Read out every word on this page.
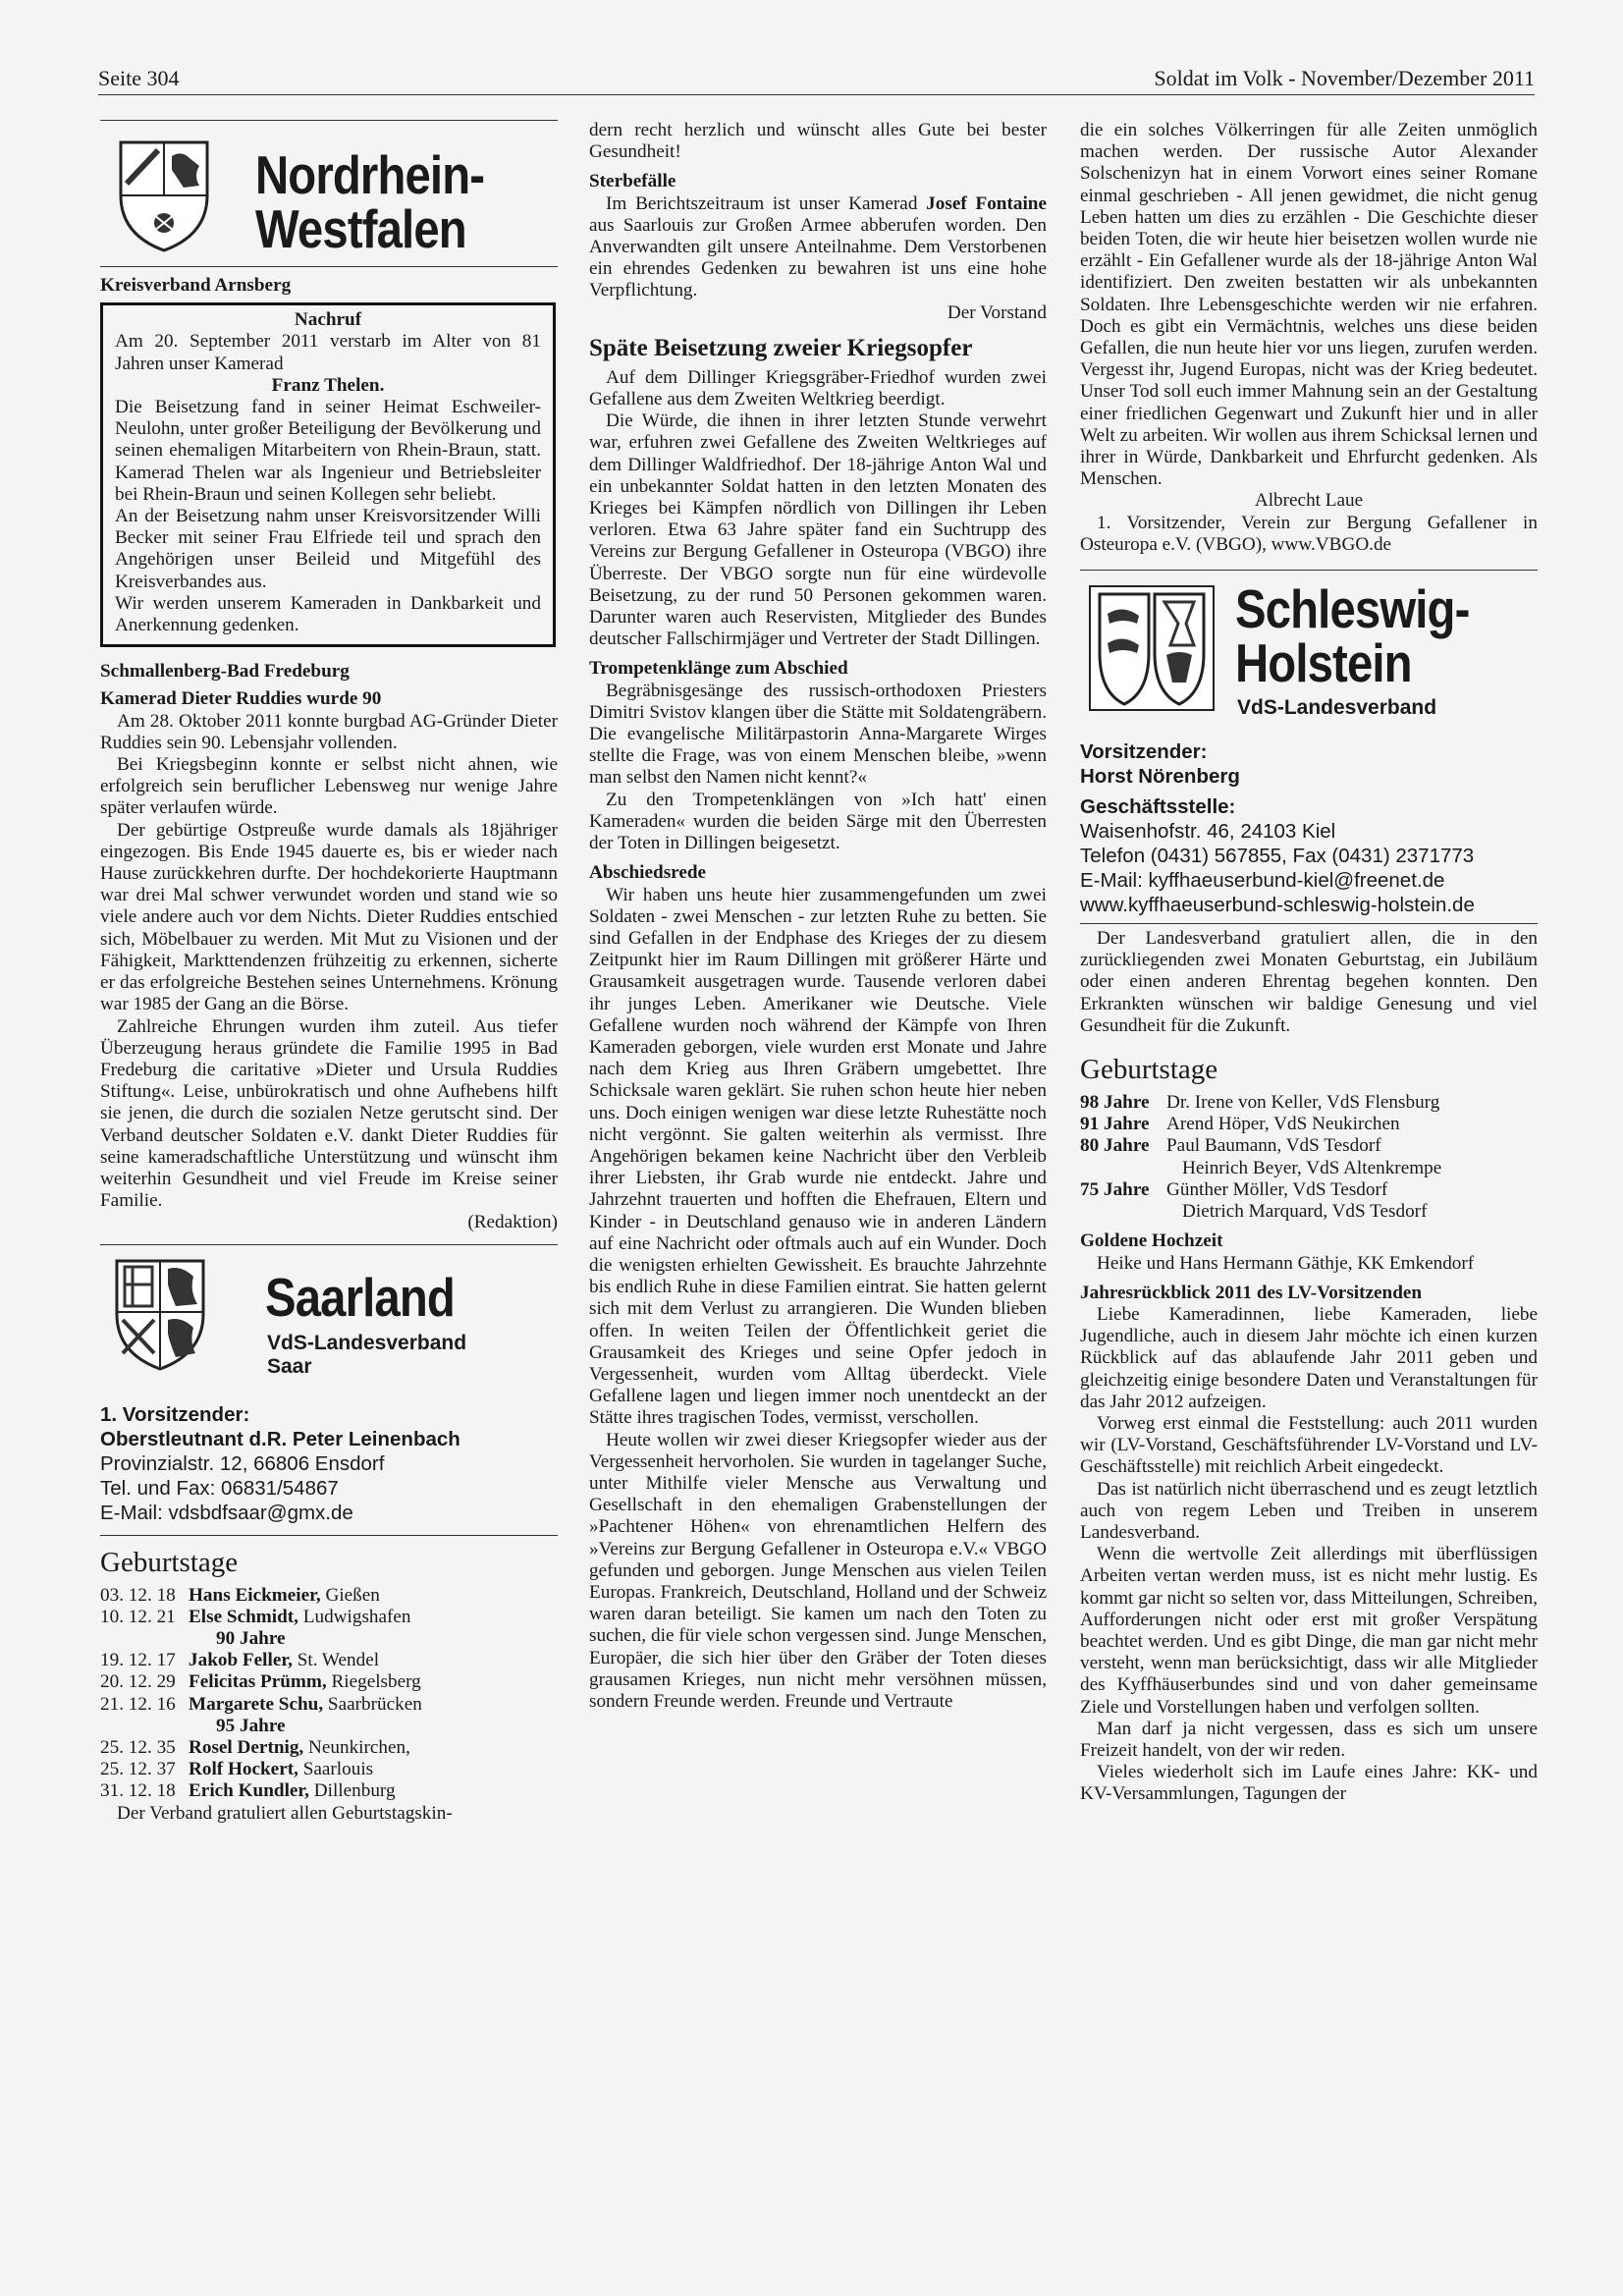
Seite 304	Soldat im Volk - November/Dezember 2011
Nordrhein-
Westfalen

Kreisverband Arnsberg

Nachruf

Am 20. September 2011 verstarb im Alter von 81 Jahren unser Kamerad

Franz Thelen.

Die Beisetzung fand in seiner Heimat Eschweiler-Neulohn, unter großer Beteiligung der Bevölkerung und seinen ehemaligen Mitarbeitern von Rhein-Braun, statt. Kamerad Thelen war als Ingenieur und Betriebsleiter bei Rhein-Braun und seinen Kollegen sehr beliebt.

An der Beisetzung nahm unser Kreisvorsitzender Willi Becker mit seiner Frau Elfriede teil und sprach den Angehörigen unser Beileid und Mitgefühl des Kreisverbandes aus.

Wir werden unserem Kameraden in Dankbarkeit und Anerkennung gedenken.

Schmallenberg-Bad Fredeburg

Kamerad Dieter Ruddies wurde 90

Am 28. Oktober 2011 konnte burgbad AG-Gründer Dieter Ruddies sein 90. Lebensjahr vollenden.

Bei Kriegsbeginn konnte er selbst nicht ahnen, wie erfolgreich sein beruflicher Lebensweg nur wenige Jahre später verlaufen würde.

Der gebürtige Ostpreuße wurde damals als 18jähriger eingezogen. Bis Ende 1945 dauerte es, bis er wieder nach Hause zurückkehren durfte. Der hochdekorierte Hauptmann war drei Mal schwer verwundet worden und stand wie so viele andere auch vor dem Nichts. Dieter Ruddies entschied sich, Möbelbauer zu werden. Mit Mut zu Visionen und der Fähigkeit, Markttendenzen frühzeitig zu erkennen, sicherte er das erfolgreiche Bestehen seines Unternehmens. Krönung war 1985 der Gang an die Börse.

Zahlreiche Ehrungen wurden ihm zuteil. Aus tiefer Überzeugung heraus gründete die Familie 1995 in Bad Fredeburg die caritative »Dieter und Ursula Ruddies Stiftung«. Leise, unbürokratisch und ohne Aufhebens hilft sie jenen, die durch die sozialen Netze gerutscht sind. Der Verband deutscher Soldaten e.V. dankt Dieter Ruddies für seine kameradschaftliche Unterstützung und wünscht ihm weiterhin Gesundheit und viel Freude im Kreise seiner Familie.

(Redaktion)
Saarland
VdS-Landesverband
Saar
1. Vorsitzender:
Oberstleutnant d.R. Peter Leinenbach
Provinzialstr. 12, 66806 Ensdorf
Tel. und Fax: 06831/54867
E-Mail: vdsbdfsaar@gmx.de
Geburtstage
03. 12. 18 Hans Eickmeier, Gießen
10. 12. 21 Else Schmidt, Ludwigshafen
90 Jahre
19. 12. 17 Jakob Feller, St. Wendel
20. 12. 29 Felicitas Prümm, Riegelsberg
21. 12. 16 Margarete Schu, Saarbrücken
95 Jahre
25. 12. 35 Rosel Dertnig, Neunkirchen,
25. 12. 37 Rolf Hockert, Saarlouis
31. 12. 18 Erich Kundler, Dillenburg

Der Verband gratuliert allen Geburtstagskin-

dern recht herzlich und wünscht alles Gute bei bester Gesundheit!

Sterbefälle

Im Berichtszeitraum ist unser Kamerad Josef Fontaine aus Saarlouis zur Großen Armee abberufen worden. Den Anverwandten gilt unsere Anteilnahme. Dem Verstorbenen ein ehrendes Gedenken zu bewahren ist uns eine hohe Verpflichtung.

Der Vorstand
Späte Beisetzung zweier Kriegsopfer

Auf dem Dillinger Kriegsgräber-Friedhof wurden zwei Gefallene aus dem Zweiten Weltkrieg beerdigt.

Die Würde, die ihnen in ihrer letzten Stunde verwehrt war, erfuhren zwei Gefallene des Zweiten Weltkrieges auf dem Dillinger Waldfriedhof. Der 18-jährige Anton Wal und ein unbekannter Soldat hatten in den letzten Monaten des Krieges bei Kämpfen nördlich von Dillingen ihr Leben verloren. Etwa 63 Jahre später fand ein Suchtrupp des Vereins zur Bergung Gefallener in Osteuropa (VBGO) ihre Überreste. Der VBGO sorgte nun für eine würdevolle Beisetzung, zu der rund 50 Personen gekommen waren. Darunter waren auch Reservisten, Mitglieder des Bundes deutscher Fallschirmjäger und Vertreter der Stadt Dillingen.

Trompetenklänge zum Abschied

Begräbnisgesänge des russisch-orthodoxen Priesters Dimitri Svistov klangen über die Stätte mit Soldatengräbern. Die evangelische Militärpastorin Anna-Margarete Wirges stellte die Frage, was von einem Menschen bleibe, »wenn man selbst den Namen nicht kennt?«

Zu den Trompetenklängen von »Ich hatt' einen Kameraden« wurden die beiden Särge mit den Überresten der Toten in Dillingen beigesetzt.

Abschiedsrede

Wir haben uns heute hier zusammengefunden um zwei Soldaten - zwei Menschen - zur letzten Ruhe zu betten. Sie sind Gefallen in der Endphase des Krieges der zu diesem Zeitpunkt hier im Raum Dillingen mit größerer Härte und Grausamkeit ausgetragen wurde. Tausende verloren dabei ihr junges Leben. Amerikaner wie Deutsche. Viele Gefallene wurden noch während der Kämpfe von Ihren Kameraden geborgen, viele wurden erst Monate und Jahre nach dem Krieg aus Ihren Gräbern umgebettet. Ihre Schicksale waren geklärt. Sie ruhen schon heute hier neben uns. Doch einigen wenigen war diese letzte Ruhestätte noch nicht vergönnt. Sie galten weiterhin als vermisst. Ihre Angehörigen bekamen keine Nachricht über den Verbleib ihrer Liebsten, ihr Grab wurde nie entdeckt. Jahre und Jahrzehnt trauerten und hofften die Ehefrauen, Eltern und Kinder - in Deutschland genauso wie in anderen Ländern auf eine Nachricht oder oftmals auch auf ein Wunder. Doch die wenigsten erhielten Gewissheit. Es brauchte Jahrzehnte bis endlich Ruhe in diese Familien eintrat. Sie hatten gelernt sich mit dem Verlust zu arrangieren. Die Wunden blieben offen. In weiten Teilen der Öffentlichkeit geriet die Grausamkeit des Krieges und seine Opfer jedoch in Vergessenheit, wurden vom Alltag überdeckt. Viele Gefallene lagen und liegen immer noch unentdeckt an der Stätte ihres tragischen Todes, vermisst, verschollen.

Heute wollen wir zwei dieser Kriegsopfer wieder aus der Vergessenheit hervorholen. Sie wurden in tagelanger Suche, unter Mithilfe vieler Mensche aus Verwaltung und Gesellschaft in den ehemaligen Grabenstellungen der »Pachtener Höhen« von ehrenamtlichen Helfern des »Vereins zur Bergung Gefallener in Osteuropa e.V.« VBGO gefunden und geborgen. Junge Menschen aus vielen Teilen Europas. Frankreich, Deutschland, Holland und der Schweiz waren daran beteiligt. Sie kamen um nach den Toten zu suchen, die für viele schon vergessen sind. Junge Menschen, Europäer, die sich hier über den Gräber der Toten dieses grausamen Krieges, nun nicht mehr versöhnen müssen, sondern Freunde werden. Freunde und Vertraute

die ein solches Völkerringen für alle Zeiten unmöglich machen werden. Der russische Autor Alexander Solschenizyn hat in einem Vorwort eines seiner Romane einmal geschrieben - All jenen gewidmet, die nicht genug Leben hatten um dies zu erzählen - Die Geschichte dieser beiden Toten, die wir heute hier beisetzen wollen wurde nie erzählt - Ein Gefallener wurde als der 18-jährige Anton Wal identifiziert. Den zweiten bestatten wir als unbekannten Soldaten. Ihre Lebensgeschichte werden wir nie erfahren. Doch es gibt ein Vermächtnis, welches uns diese beiden Gefallen, die nun heute hier vor uns liegen, zurufen werden. Vergesst ihr, Jugend Europas, nicht was der Krieg bedeutet. Unser Tod soll euch immer Mahnung sein an der Gestaltung einer friedlichen Gegenwart und Zukunft hier und in aller Welt zu arbeiten. Wir wollen aus ihrem Schicksal lernen und ihrer in Würde, Dankbarkeit und Ehrfurcht gedenken. Als Menschen.

Albrecht Laue

1. Vorsitzender, Verein zur Bergung Gefallener in Osteuropa e.V. (VBGO), www.VBGO.de

Schleswig-
Holstein
VdS-Landesverband
Vorsitzender:
Horst Nörenberg
Geschäftsstelle:
Waisenhofstr. 46, 24103 Kiel
Telefon (0431) 567855, Fax (0431) 2371773
E-Mail: kyffhaeuserbund-kiel@freenet.de
www.kyffhaeuserbund-schleswig-holstein.de

Der Landesverband gratuliert allen, die in den zurückliegenden zwei Monaten Geburtstag, ein Jubiläum oder einen anderen Ehrentag begehen konnten. Den Erkrankten wünschen wir baldige Genesung und viel Gesundheit für die Zukunft.

Geburtstage
98 Jahre Dr. Irene von Keller, VdS Flensburg
91 Jahre Arend Höper, VdS Neukirchen
80 Jahre Paul Baumann, VdS Tesdorf
Heinrich Beyer, VdS Altenkrempe
75 Jahre Günther Möller, VdS Tesdorf
Dietrich Marquard, VdS Tesdorf

Goldene Hochzeit

Heike und Hans Hermann Gäthje, KK Emkendorf

Jahresrückblick 2011 des LV-Vorsitzenden

Liebe Kameradinnen, liebe Kameraden, liebe Jugendliche, auch in diesem Jahr möchte ich einen kurzen Rückblick auf das ablaufende Jahr 2011 geben und gleichzeitig einige besondere Daten und Veranstaltungen für das Jahr 2012 aufzeigen.

Vorweg erst einmal die Feststellung: auch 2011 wurden wir (LV-Vorstand, Geschäftsführender LV-Vorstand und LV-Geschäftsstelle) mit reichlich Arbeit eingedeckt.

Das ist natürlich nicht überraschend und es zeugt letztlich auch von regem Leben und Treiben in unserem Landesverband.

Wenn die wertvolle Zeit allerdings mit überflüssigen Arbeiten vertan werden muss, ist es nicht mehr lustig. Es kommt gar nicht so selten vor, dass Mitteilungen, Schreiben, Aufforderungen nicht oder erst mit großer Verspätung beachtet werden. Und es gibt Dinge, die man gar nicht mehr versteht, wenn man berücksichtigt, dass wir alle Mitglieder des Kyffhäuserbundes sind und von daher gemeinsame Ziele und Vorstellungen haben und verfolgen sollten.

Man darf ja nicht vergessen, dass es sich um unsere Freizeit handelt, von der wir reden.

Vieles wiederholt sich im Laufe eines Jahre: KK- und KV-Versammlungen, Tagungen der
